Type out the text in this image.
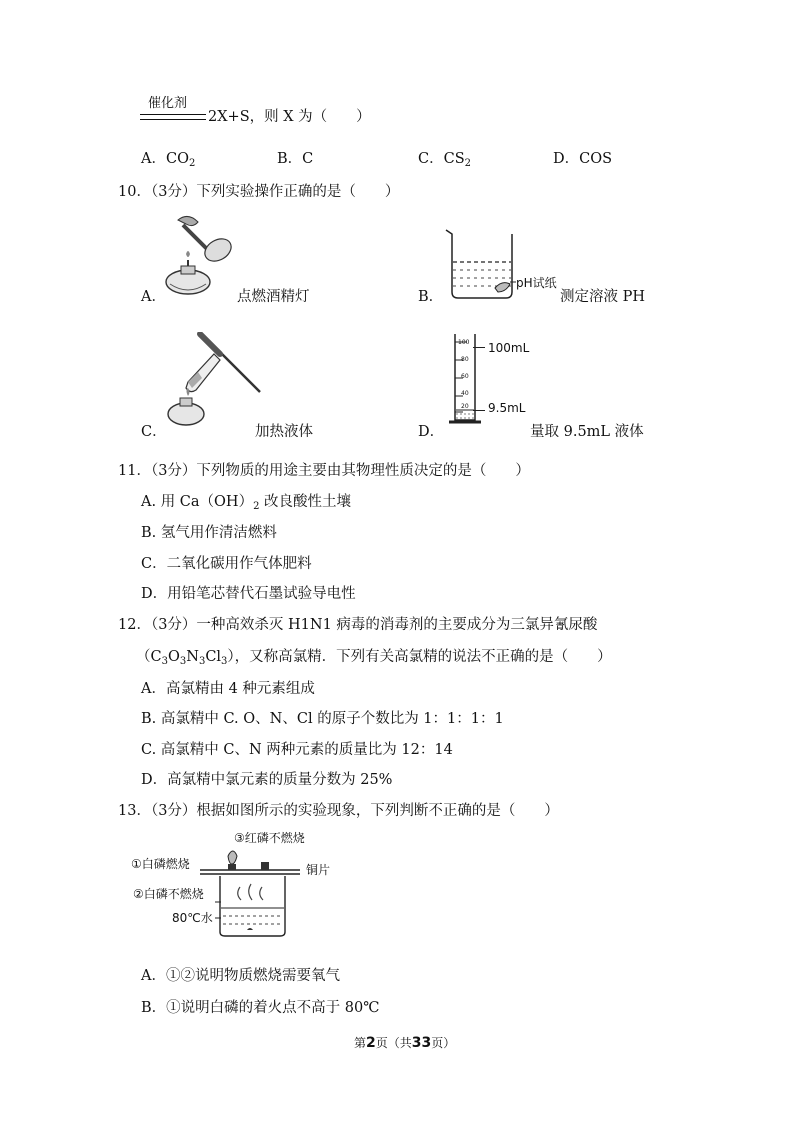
催化剂
2X+S，则 X 为（　　）
A．$CO_2$	B．C	C．$CS_2$	D．COS
10．（3分）下列实验操作正确的是（　　）
A．	点燃酒精灯
pH试纸
B．	测定溶液 PH
C．	加热液体
100
80
60
40
20
100mL
9.5mL
D．	量取 9.5mL 液体
11．（3分）下列物质的用途主要由其物理性质决定的是（　　）
A. 用 $Ca(OH)_2$ 改良酸性土壤
B. 氢气用作清洁燃料
C．二氧化碳用作气体肥料
D．用铅笔芯替代石墨试验导电性
12．（3分）一种高效杀灭 H1N1 病毒的消毒剂的主要成分为三氯异氰尿酸
$(C_3O_3N_3Cl_3)$，又称高氯精．下列有关高氯精的说法不正确的是（　　）
A．高氯精由 4 种元素组成
B. 高氯精中 C. O、N、Cl 的原子个数比为 1：1：1：1
C. 高氯精中 C、N 两种元素的质量比为 12：14
D．高氯精中氯元素的质量分数为 25%
13．（3分）根据如图所示的实验现象，下列判断不正确的是（　　）
③红磷不燃烧
①白磷燃烧	铜片
②白磷不燃烧
80℃水
A．①②说明物质燃烧需要氧气
B．①说明白磷的着火点不高于 80℃
第2页（共33页）
